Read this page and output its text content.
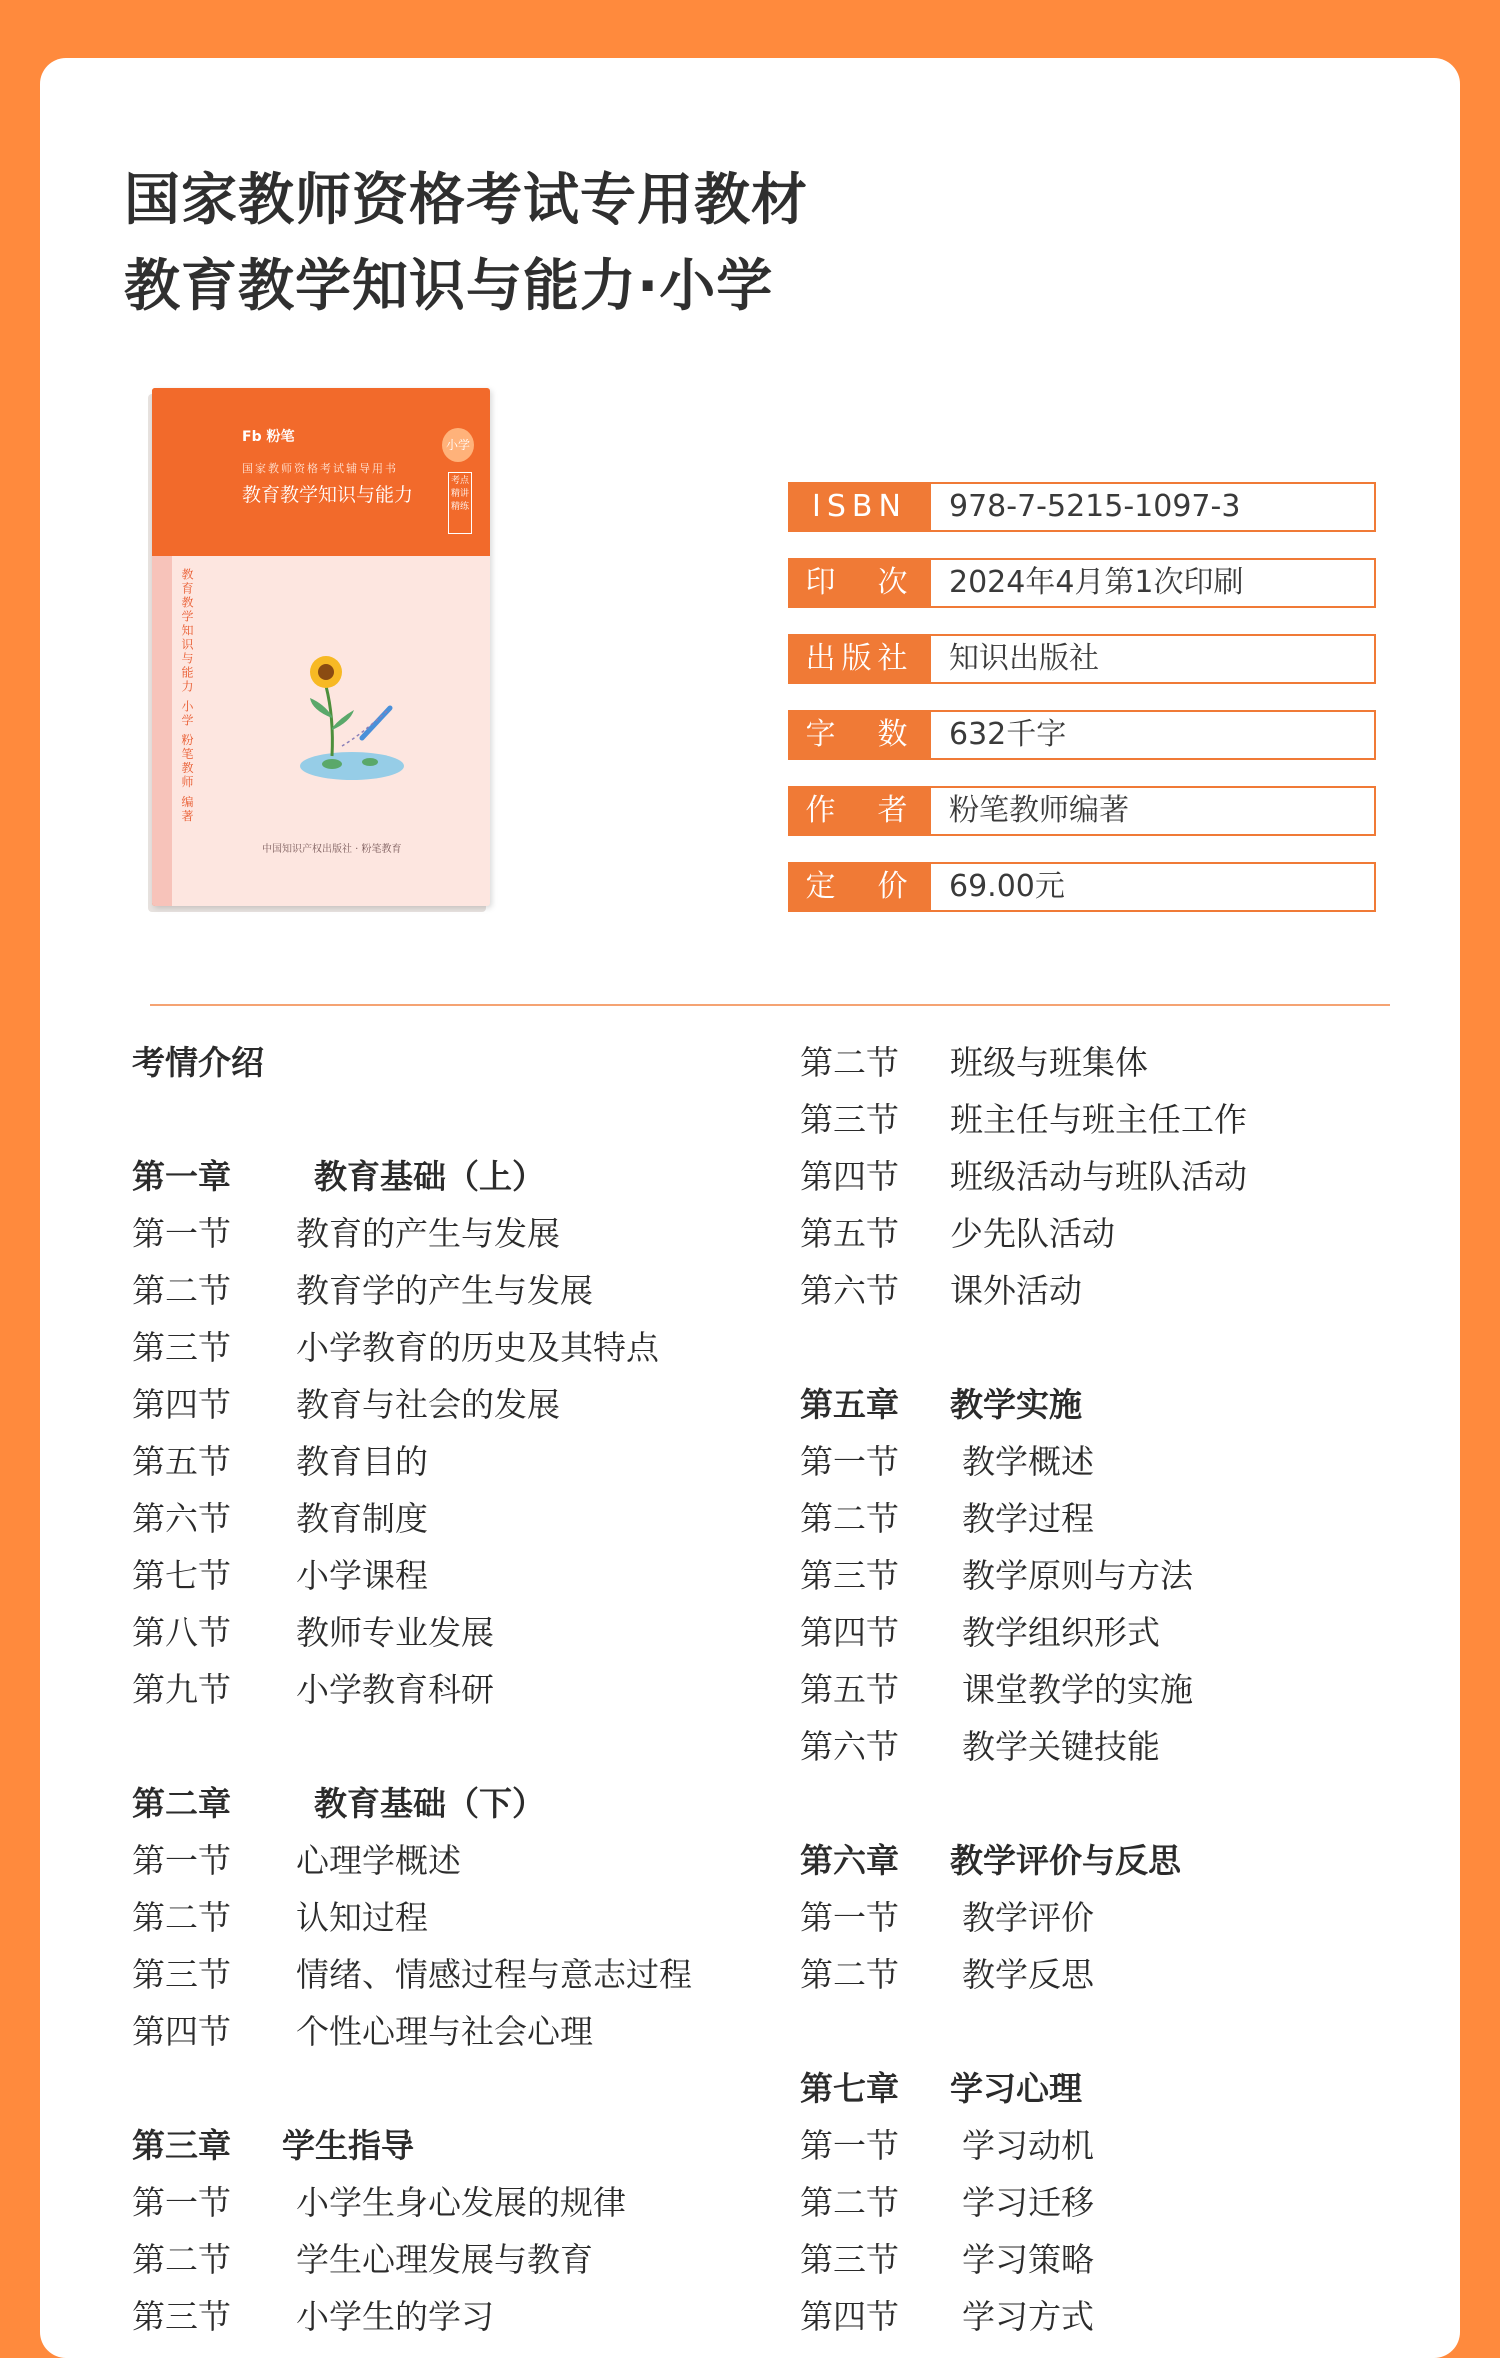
国家教师资格考试专用教材
教育教学知识与能力·小学
Fb 粉笔
国家教师资格考试辅导用书
教育教学知识与能力
小学
考点 精讲 精练
教育教学知识与能力 小学 粉笔教师 编著
中国知识产权出版社 · 粉笔教育
ISBN	978-7-5215-1097-3
印　次	2024年4月第1次印刷
出版社	知识出版社
字　数	632千字
作　者	粉笔教师编著
定　价	69.00元
考情介绍
第一章	教育基础（上）
第一节 教育的产生与发展
第二节 教育学的产生与发展
第三节 小学教育的历史及其特点
第四节 教育与社会的发展
第五节 教育目的
第六节 教育制度
第七节 小学课程
第八节 教师专业发展
第九节 小学教育科研
第二章	教育基础（下）
第一节 心理学概述
第二节 认知过程
第三节 情绪、情感过程与意志过程
第四节 个性心理与社会心理
第三章 学生指导
第一节 小学生身心发展的规律
第二节 学生心理发展与教育
第三节 小学生的学习
第二节 班级与班集体
第三节 班主任与班主任工作
第四节 班级活动与班队活动
第五节 少先队活动
第六节 课外活动
第五章 教学实施
第一节 教学概述
第二节 教学过程
第三节 教学原则与方法
第四节 教学组织形式
第五节 课堂教学的实施
第六节 教学关键技能
第六章 教学评价与反思
第一节 教学评价
第二节 教学反思
第七章 学习心理
第一节 学习动机
第二节 学习迁移
第三节 学习策略
第四节 学习方式
